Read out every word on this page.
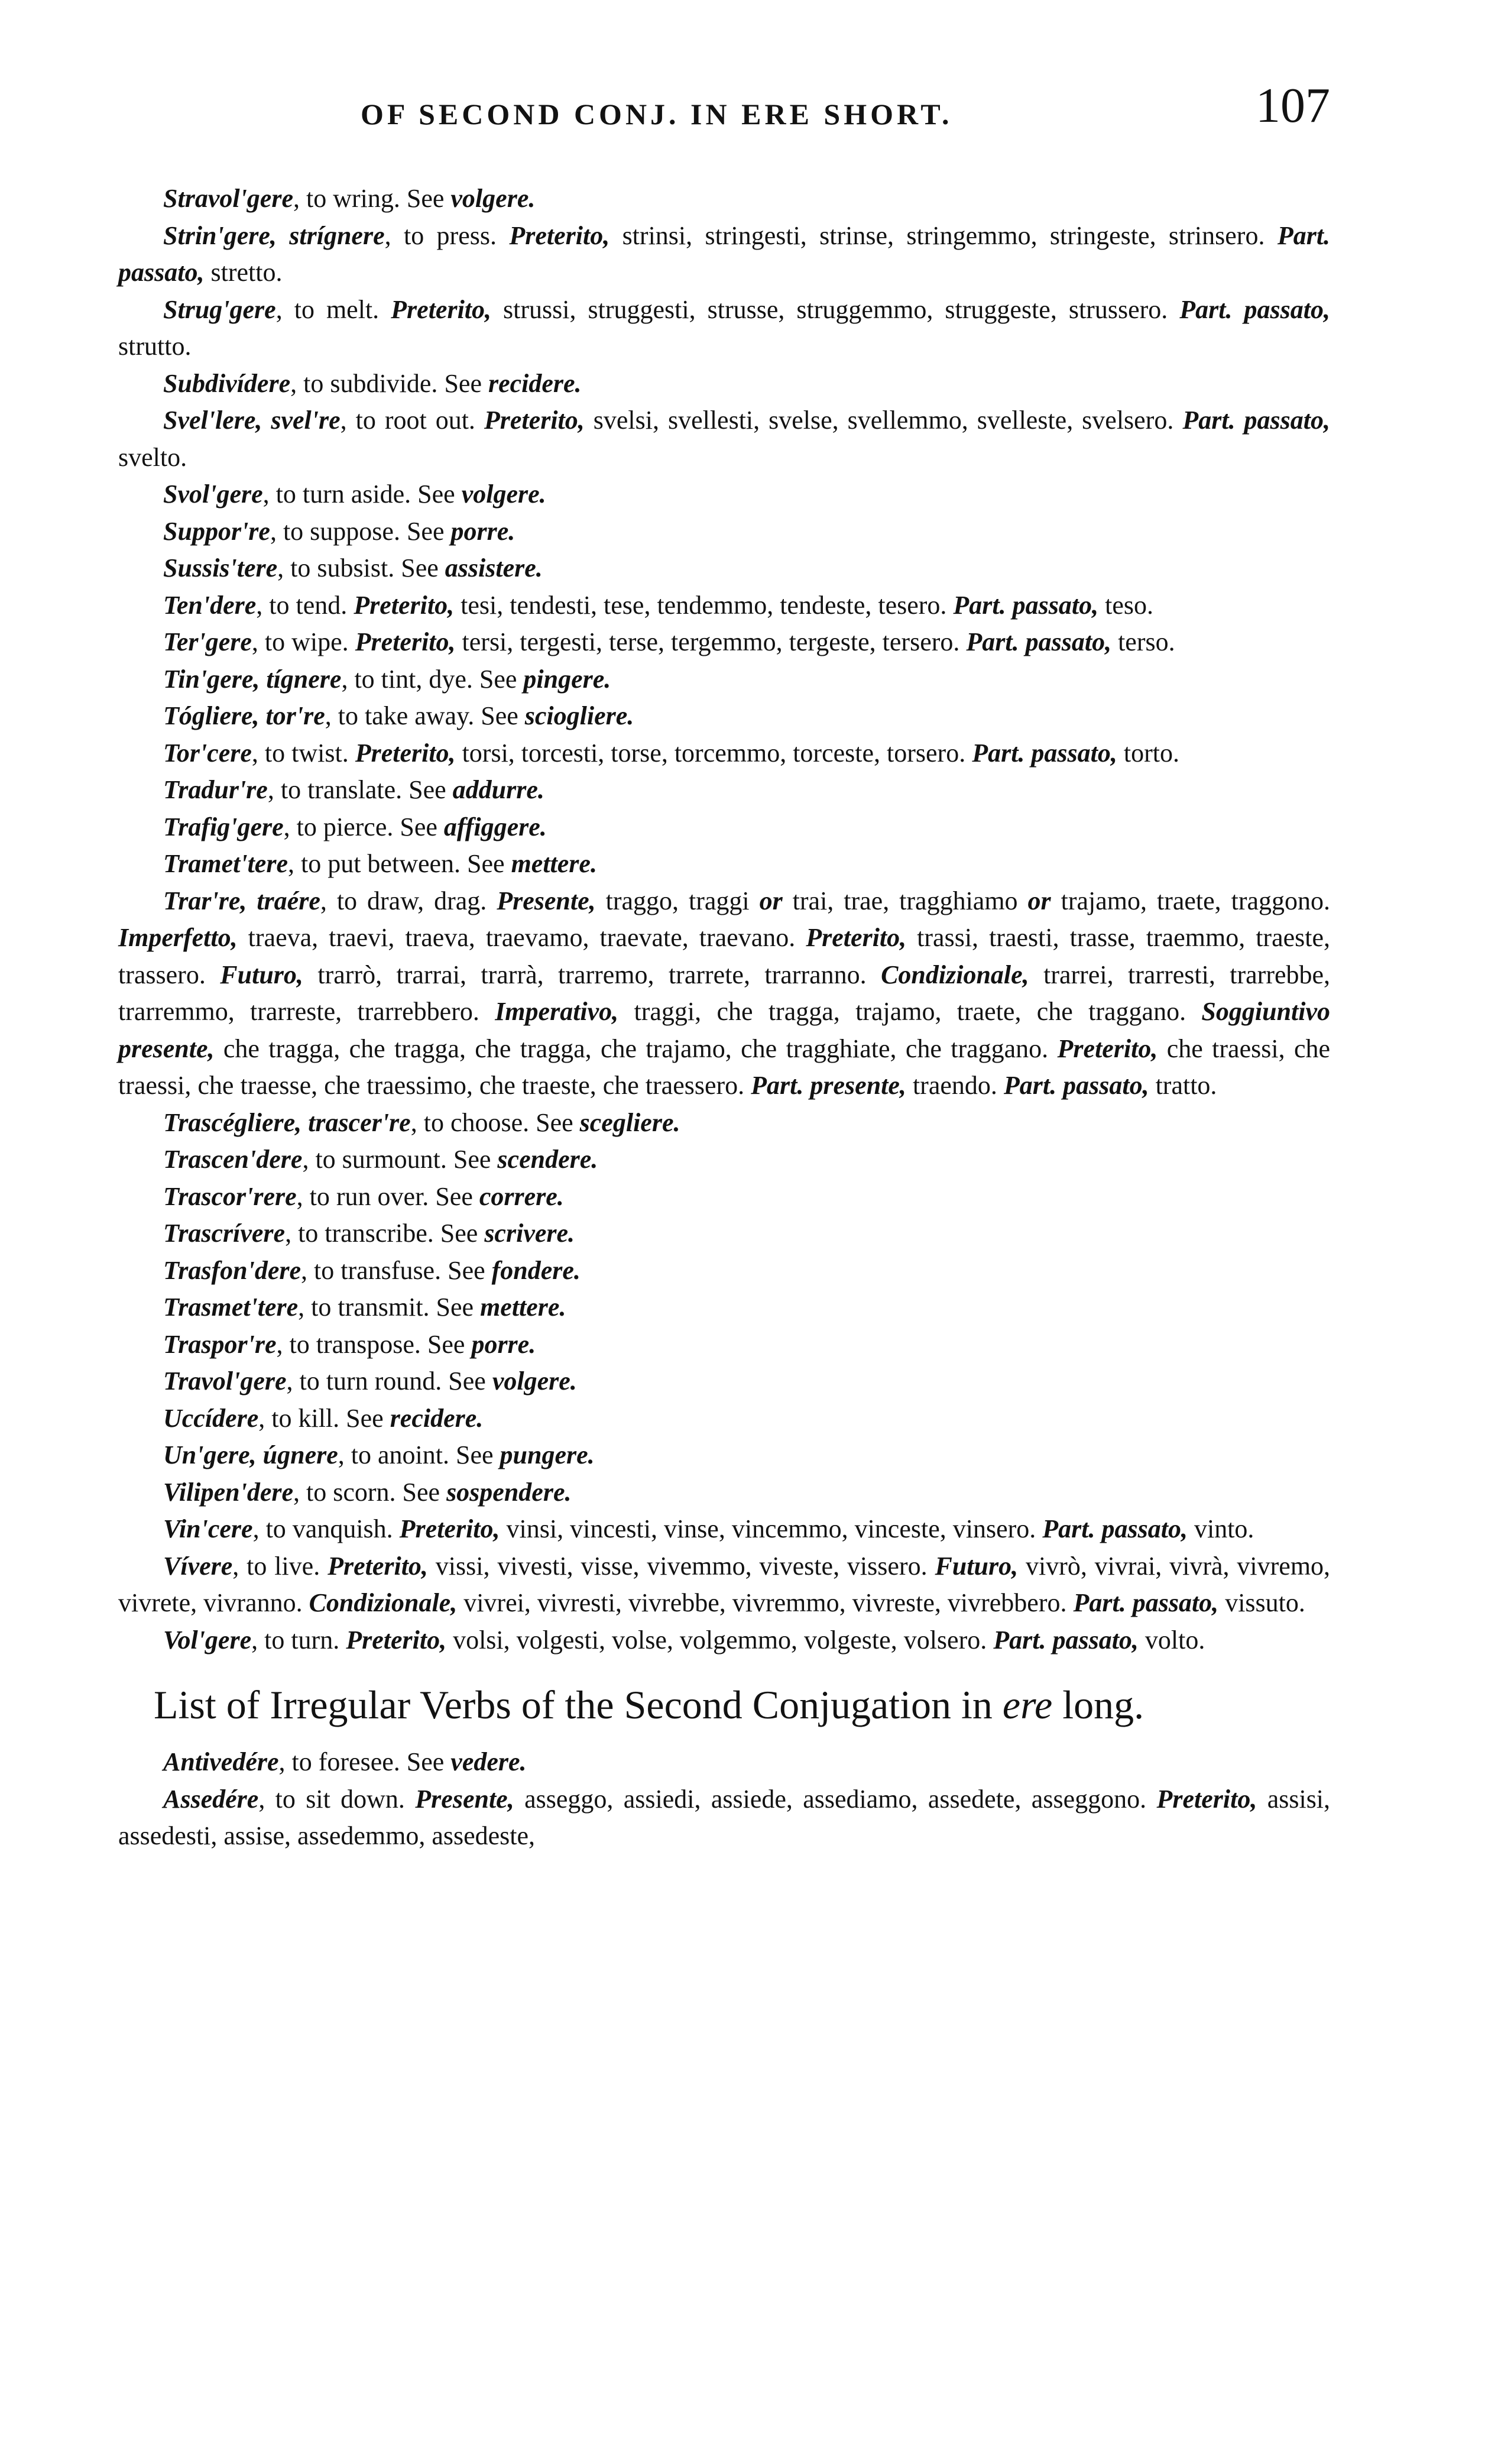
OF SECOND CONJ. IN ERE SHORT.	107

Stravol'gere, to wring. See volgere.

Strin'gere, strígnere, to press. Preterito, strinsi, stringesti, strinse, stringemmo, stringeste, strinsero. Part. passato, stretto.

Strug'gere, to melt. Preterito, strussi, struggesti, strusse, struggemmo, struggeste, strussero. Part. passato, strutto.

Subdivídere, to subdivide. See recidere.

Svel'lere, svel're, to root out. Preterito, svelsi, svellesti, svelse, svellemmo, svelleste, svelsero. Part. passato, svelto.

Svol'gere, to turn aside. See volgere.

Suppor're, to suppose. See porre.

Sussis'tere, to subsist. See assistere.

Ten'dere, to tend. Preterito, tesi, tendesti, tese, tendemmo, tendeste, tesero. Part. passato, teso.

Ter'gere, to wipe. Preterito, tersi, tergesti, terse, tergemmo, tergeste, tersero. Part. passato, terso.

Tin'gere, tígnere, to tint, dye. See pingere.

Tógliere, tor're, to take away. See sciogliere.

Tor'cere, to twist. Preterito, torsi, torcesti, torse, torcemmo, torceste, torsero. Part. passato, torto.

Tradur're, to translate. See addurre.

Trafig'gere, to pierce. See affiggere.

Tramet'tere, to put between. See mettere.

Trar're, traére, to draw, drag. Presente, traggo, traggi or trai, trae, tragghiamo or trajamo, traete, traggono. Imperfetto, traeva, traevi, traeva, traevamo, traevate, traevano. Preterito, trassi, traesti, trasse, traemmo, traeste, trassero. Futuro, trarrò, trarrai, trarrà, trarremo, trarrete, trarranno. Condizionale, trarrei, trarresti, trarrebbe, trarremmo, trarreste, trarrebbero. Imperativo, traggi, che tragga, trajamo, traete, che traggano. Soggiuntivo presente, che tragga, che tragga, che tragga, che trajamo, che tragghiate, che traggano. Preterito, che traessi, che traessi, che traesse, che traessimo, che traeste, che traessero. Part. presente, traendo. Part. passato, tratto.

Trascégliere, trascer're, to choose. See scegliere.

Trascen'dere, to surmount. See scendere.

Trascor'rere, to run over. See correre.

Trascrívere, to transcribe. See scrivere.

Trasfon'dere, to transfuse. See fondere.

Trasmet'tere, to transmit. See mettere.

Traspor're, to transpose. See porre.

Travol'gere, to turn round. See volgere.

Uccídere, to kill. See recidere.

Un'gere, úgnere, to anoint. See pungere.

Vilipen'dere, to scorn. See sospendere.

Vin'cere, to vanquish. Preterito, vinsi, vincesti, vinse, vincemmo, vinceste, vinsero. Part. passato, vinto.

Vívere, to live. Preterito, vissi, vivesti, visse, vivemmo, viveste, vissero. Futuro, vivrò, vivrai, vivrà, vivremo, vivrete, vivranno. Condizionale, vivrei, vivresti, vivrebbe, vivremmo, vivreste, vivrebbero. Part. passato, vissuto.

Vol'gere, to turn. Preterito, volsi, volgesti, volse, volgemmo, volgeste, volsero. Part. passato, volto.

List of Irregular Verbs of the Second Conjugation in ere long.

Antivedére, to foresee. See vedere.

Assedére, to sit down. Presente, asseggo, assiedi, assiede, assediamo, assedete, asseggono. Preterito, assisi, assedesti, assise, assedemmo, assedeste,
